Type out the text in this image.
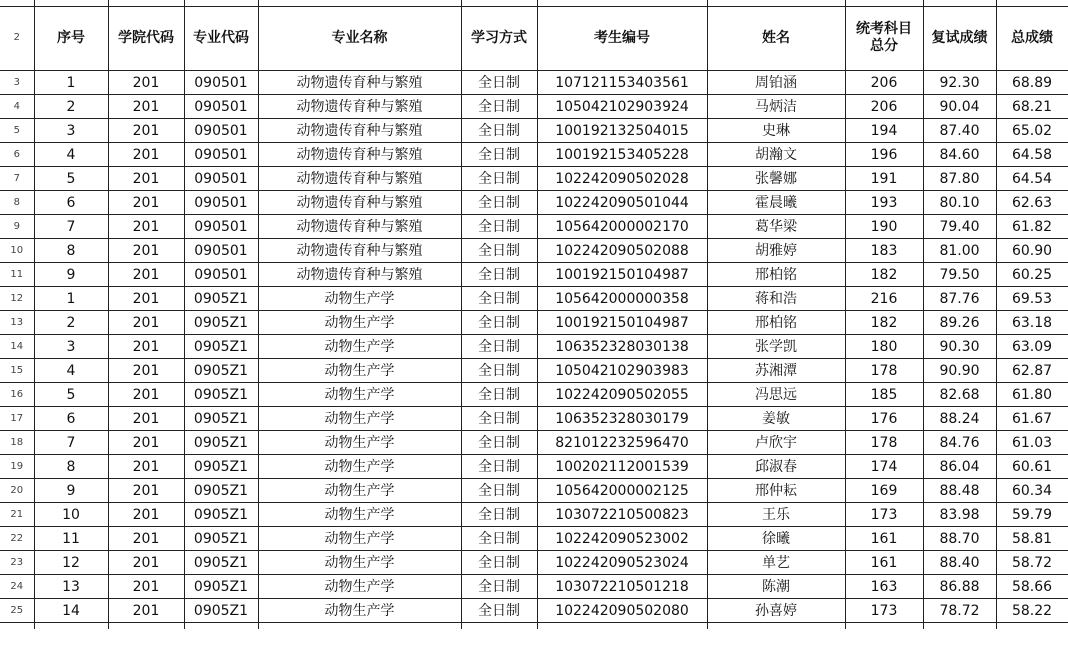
2	序号	学院代码	专业代码	专业名称	学习方式	考生编号	姓名	统考科目总分	复试成绩	总成绩
3	1	201	090501	动物遗传育种与繁殖	全日制	107121153403561	周铂涵	206	92.30	68.89
4	2	201	090501	动物遗传育种与繁殖	全日制	105042102903924	马炳洁	206	90.04	68.21
5	3	201	090501	动物遗传育种与繁殖	全日制	100192132504015	史琳	194	87.40	65.02
6	4	201	090501	动物遗传育种与繁殖	全日制	100192153405228	胡瀚文	196	84.60	64.58
7	5	201	090501	动物遗传育种与繁殖	全日制	102242090502028	张馨娜	191	87.80	64.54
8	6	201	090501	动物遗传育种与繁殖	全日制	102242090501044	霍晨曦	193	80.10	62.63
9	7	201	090501	动物遗传育种与繁殖	全日制	105642000002170	葛华梁	190	79.40	61.82
10	8	201	090501	动物遗传育种与繁殖	全日制	102242090502088	胡雅婷	183	81.00	60.90
11	9	201	090501	动物遗传育种与繁殖	全日制	100192150104987	邢柏铭	182	79.50	60.25
12	1	201	0905Z1	动物生产学	全日制	105642000000358	蒋和浩	216	87.76	69.53
13	2	201	0905Z1	动物生产学	全日制	100192150104987	邢柏铭	182	89.26	63.18
14	3	201	0905Z1	动物生产学	全日制	106352328030138	张学凯	180	90.30	63.09
15	4	201	0905Z1	动物生产学	全日制	105042102903983	苏湘潭	178	90.90	62.87
16	5	201	0905Z1	动物生产学	全日制	102242090502055	冯思远	185	82.68	61.80
17	6	201	0905Z1	动物生产学	全日制	106352328030179	姜敏	176	88.24	61.67
18	7	201	0905Z1	动物生产学	全日制	821012232596470	卢欣宇	178	84.76	61.03
19	8	201	0905Z1	动物生产学	全日制	100202112001539	邱淑春	174	86.04	60.61
20	9	201	0905Z1	动物生产学	全日制	105642000002125	邢仲耘	169	88.48	60.34
21	10	201	0905Z1	动物生产学	全日制	103072210500823	王乐	173	83.98	59.79
22	11	201	0905Z1	动物生产学	全日制	102242090523002	徐曦	161	88.70	58.81
23	12	201	0905Z1	动物生产学	全日制	102242090523024	单艺	161	88.40	58.72
24	13	201	0905Z1	动物生产学	全日制	103072210501218	陈潮	163	86.88	58.66
25	14	201	0905Z1	动物生产学	全日制	102242090502080	孙喜婷	173	78.72	58.22
